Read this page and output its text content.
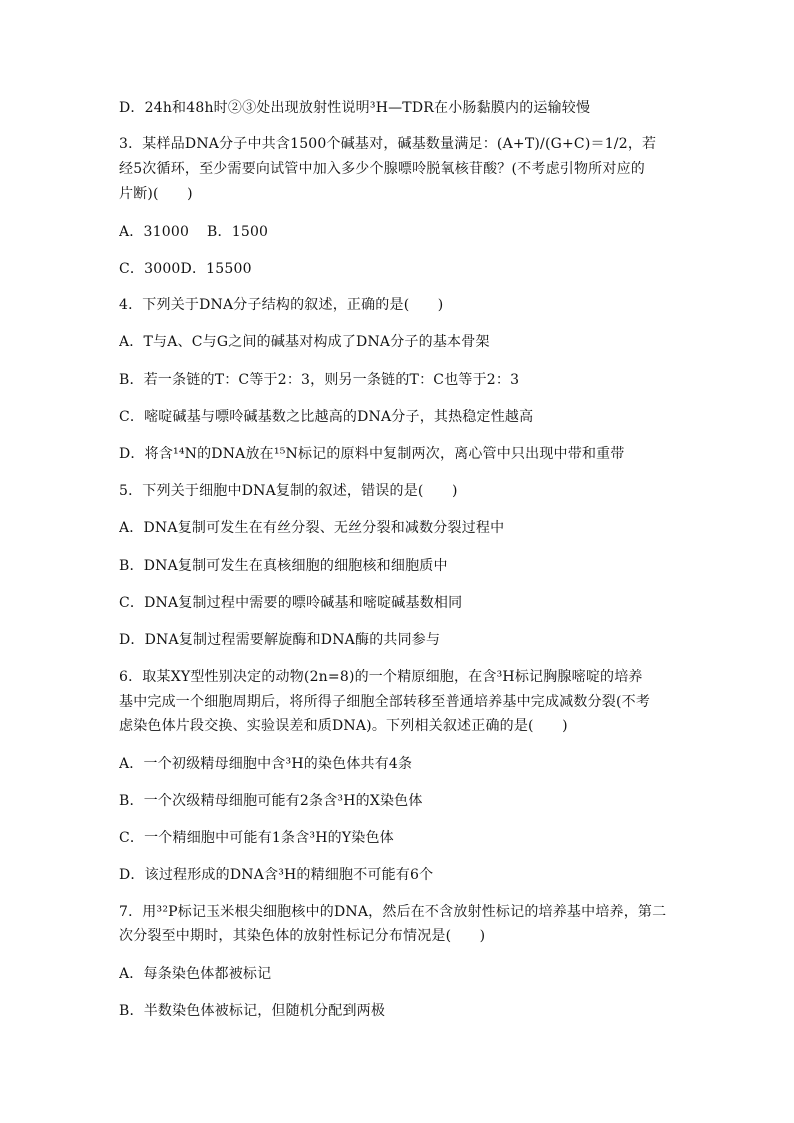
D．24h和48h时②③处出现放射性说明³H—TDR在小肠黏膜内的运输较慢
3．某样品DNA分子中共含1500个碱基对，碱基数量满足：(A+T)/(G+C)＝1/2，若
经5次循环，至少需要向试管中加入多少个腺嘌呤脱氧核苷酸？(不考虑引物所对应的
片断)(　　)
A．31000 B．1500
C．3000D．15500
4．下列关于DNA分子结构的叙述，正确的是(　　)
A．T与A、C与G之间的碱基对构成了DNA分子的基本骨架
B．若一条链的T：C等于2：3，则另一条链的T：C也等于2：3
C．嘧啶碱基与嘌呤碱基数之比越高的DNA分子，其热稳定性越高
D．将含¹⁴N的DNA放在¹⁵N标记的原料中复制两次，离心管中只出现中带和重带
5．下列关于细胞中DNA复制的叙述，错误的是(　　)
A．DNA复制可发生在有丝分裂、无丝分裂和减数分裂过程中
B．DNA复制可发生在真核细胞的细胞核和细胞质中
C．DNA复制过程中需要的嘌呤碱基和嘧啶碱基数相同
D．DNA复制过程需要解旋酶和DNA酶的共同参与
6．取某XY型性别决定的动物(2n=8)的一个精原细胞，在含³H标记胸腺嘧啶的培养
基中完成一个细胞周期后，将所得子细胞全部转移至普通培养基中完成减数分裂(不考
虑染色体片段交换、实验误差和质DNA)。下列相关叙述正确的是(　　)
A．一个初级精母细胞中含³H的染色体共有4条
B．一个次级精母细胞可能有2条含³H的X染色体
C．一个精细胞中可能有1条含³H的Y染色体
D．该过程形成的DNA含³H的精细胞不可能有6个
7．用³²P标记玉米根尖细胞核中的DNA，然后在不含放射性标记的培养基中培养，第二
次分裂至中期时，其染色体的放射性标记分布情况是(　　)
A．每条染色体都被标记
B．半数染色体被标记，但随机分配到两极
